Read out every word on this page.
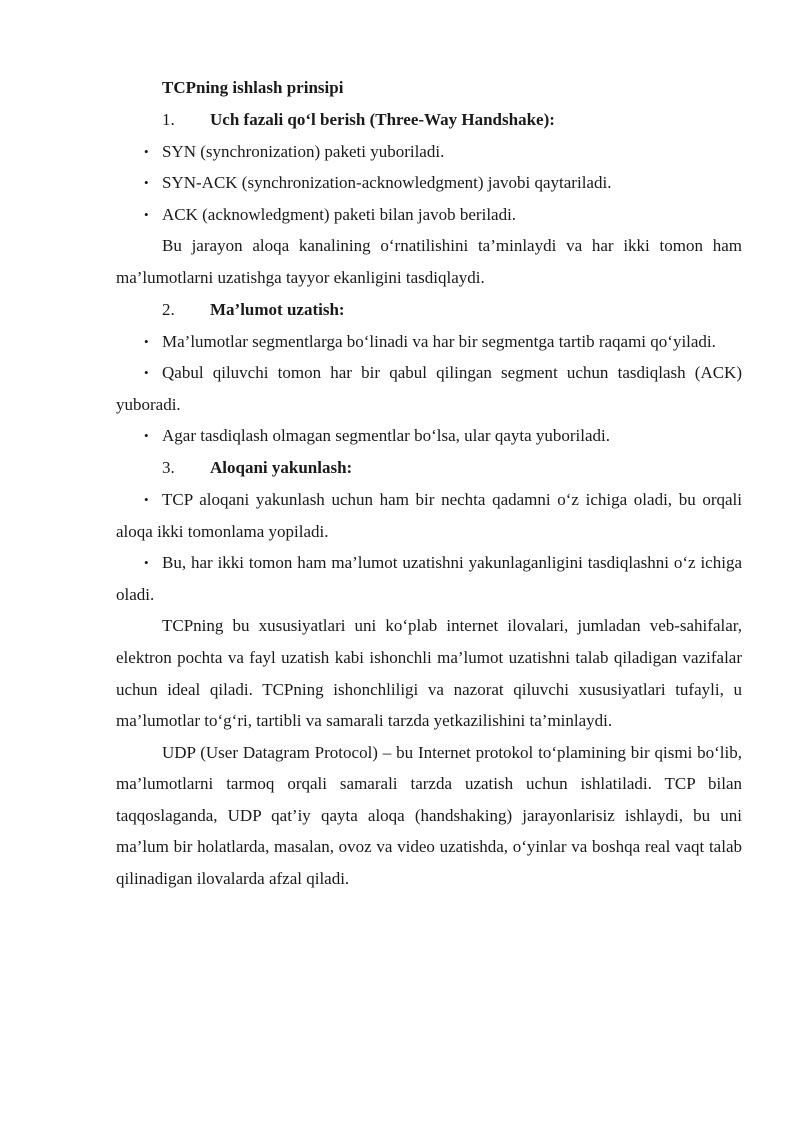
TCPning ishlash prinsipi

1. Uch fazali qo‘l berish (Three-Way Handshake):

• SYN (synchronization) paketi yuboriladi.

• SYN-ACK (synchronization-acknowledgment) javobi qaytariladi.

• ACK (acknowledgment) paketi bilan javob beriladi.

Bu jarayon aloqa kanalining o‘rnatilishini ta’minlaydi va har ikki tomon ham ma’lumotlarni uzatishga tayyor ekanligini tasdiqlaydi.

2. Ma’lumot uzatish:

• Ma’lumotlar segmentlarga bo‘linadi va har bir segmentga tartib raqami qo‘yiladi.

• Qabul qiluvchi tomon har bir qabul qilingan segment uchun tasdiqlash (ACK) yuboradi.

• Agar tasdiqlash olmagan segmentlar bo‘lsa, ular qayta yuboriladi.

3. Aloqani yakunlash:

• TCP aloqani yakunlash uchun ham bir nechta qadamni o‘z ichiga oladi, bu orqali aloqa ikki tomonlama yopiladi.

• Bu, har ikki tomon ham ma’lumot uzatishni yakunlaganligini tasdiqlashni o‘z ichiga oladi.

TCPning bu xususiyatlari uni ko‘plab internet ilovalari, jumladan veb-sahifalar, elektron pochta va fayl uzatish kabi ishonchli ma’lumot uzatishni talab qiladigan vazifalar uchun ideal qiladi. TCPning ishonchliligi va nazorat qiluvchi xususiyatlari tufayli, u ma’lumotlar to‘g‘ri, tartibli va samarali tarzda yetkazilishini ta’minlaydi.

UDP (User Datagram Protocol) – bu Internet protokol to‘plamining bir qismi bo‘lib, ma’lumotlarni tarmoq orqali samarali tarzda uzatish uchun ishlatiladi. TCP bilan taqqoslaganda, UDP qat’iy qayta aloqa (handshaking) jarayonlarisiz ishlaydi, bu uni ma’lum bir holatlarda, masalan, ovoz va video uzatishda, o‘yinlar va boshqa real vaqt talab qilinadigan ilovalarda afzal qiladi.
